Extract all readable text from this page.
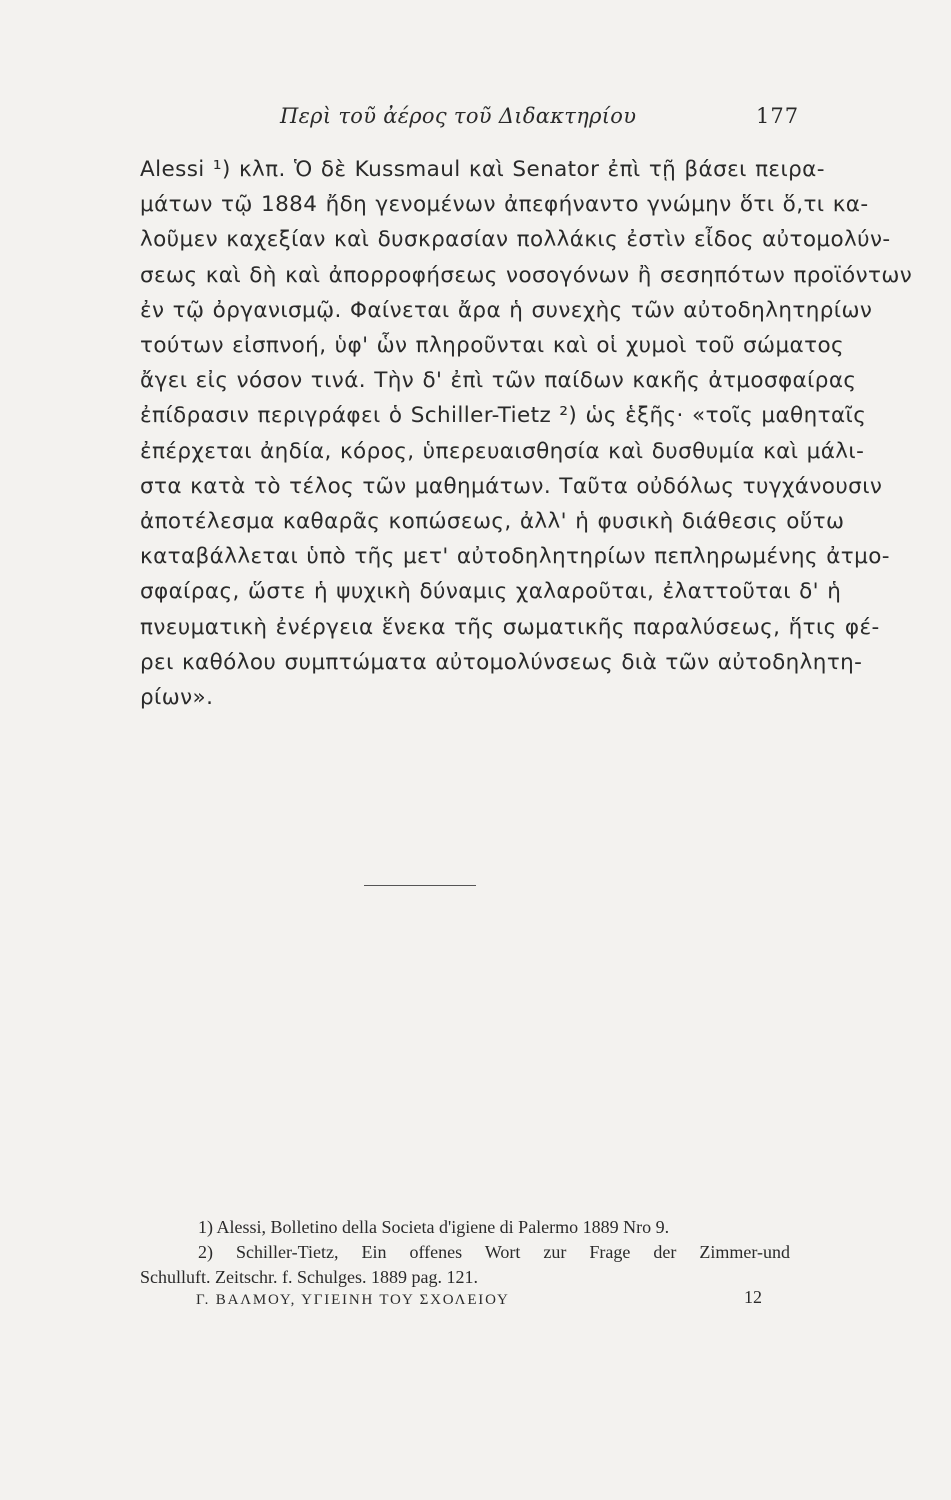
Περὶ τοῦ ἀέρος τοῦ Διδακτηρίου	177
Alessi ¹) κλπ. Ὁ δὲ Kussmaul καὶ Senator ἐπὶ τῇ βάσει πειρα-
μάτων τῷ 1884 ἤδη γενομένων ἀπεφήναντο γνώμην ὅτι ὅ,τι κα-
λοῦμεν καχεξίαν καὶ δυσκρασίαν πολλάκις ἐστὶν εἶδος αὐτομολύν-
σεως καὶ δὴ καὶ ἀπορροφήσεως νοσογόνων ἢ σεσηπότων προϊόντων
ἐν τῷ ὀργανισμῷ. Φαίνεται ἄρα ἡ συνεχὴς τῶν αὐτοδηλητηρίων
τούτων εἰσπνοή, ὑφ' ὧν πληροῦνται καὶ οἱ χυμοὶ τοῦ σώματος
ἄγει εἰς νόσον τινά. Τὴν δ' ἐπὶ τῶν παίδων κακῆς ἀτμοσφαίρας
ἐπίδρασιν περιγράφει ὁ Schiller-Tietz ²) ὡς ἑξῆς· «τοῖς μαθηταῖς
ἐπέρχεται ἀηδία, κόρος, ὑπερευαισθησία καὶ δυσθυμία καὶ μάλι-
στα κατὰ τὸ τέλος τῶν μαθημάτων. Ταῦτα οὐδόλως τυγχάνουσιν
ἀποτέλεσμα καθαρᾶς κοπώσεως, ἀλλ' ἡ φυσικὴ διάθεσις οὕτω
καταβάλλεται ὑπὸ τῆς μετ' αὐτοδηλητηρίων πεπληρωμένης ἀτμο-
σφαίρας, ὥστε ἡ ψυχικὴ δύναμις χαλαροῦται, ἐλαττοῦται δ' ἡ
πνευματικὴ ἐνέργεια ἕνεκα τῆς σωματικῆς παραλύσεως, ἥτις φέ-
ρει καθόλου συμπτώματα αὐτομολύνσεως διὰ τῶν αὐτοδηλητη-
ρίων».
1) Alessi, Bolletino della Societa d'igiene di Palermo 1889 Nro 9.
2) Schiller-Tietz, Ein offenes Wort zur Frage der Zimmer-und
Schulluft. Zeitschr. f. Schulges. 1889 pag. 121.
Γ. ΒΑΛΜΟΥ, ΥΓΙΕΙΝΗ ΤΟΥ ΣΧΟΛΕΙΟΥ	12
